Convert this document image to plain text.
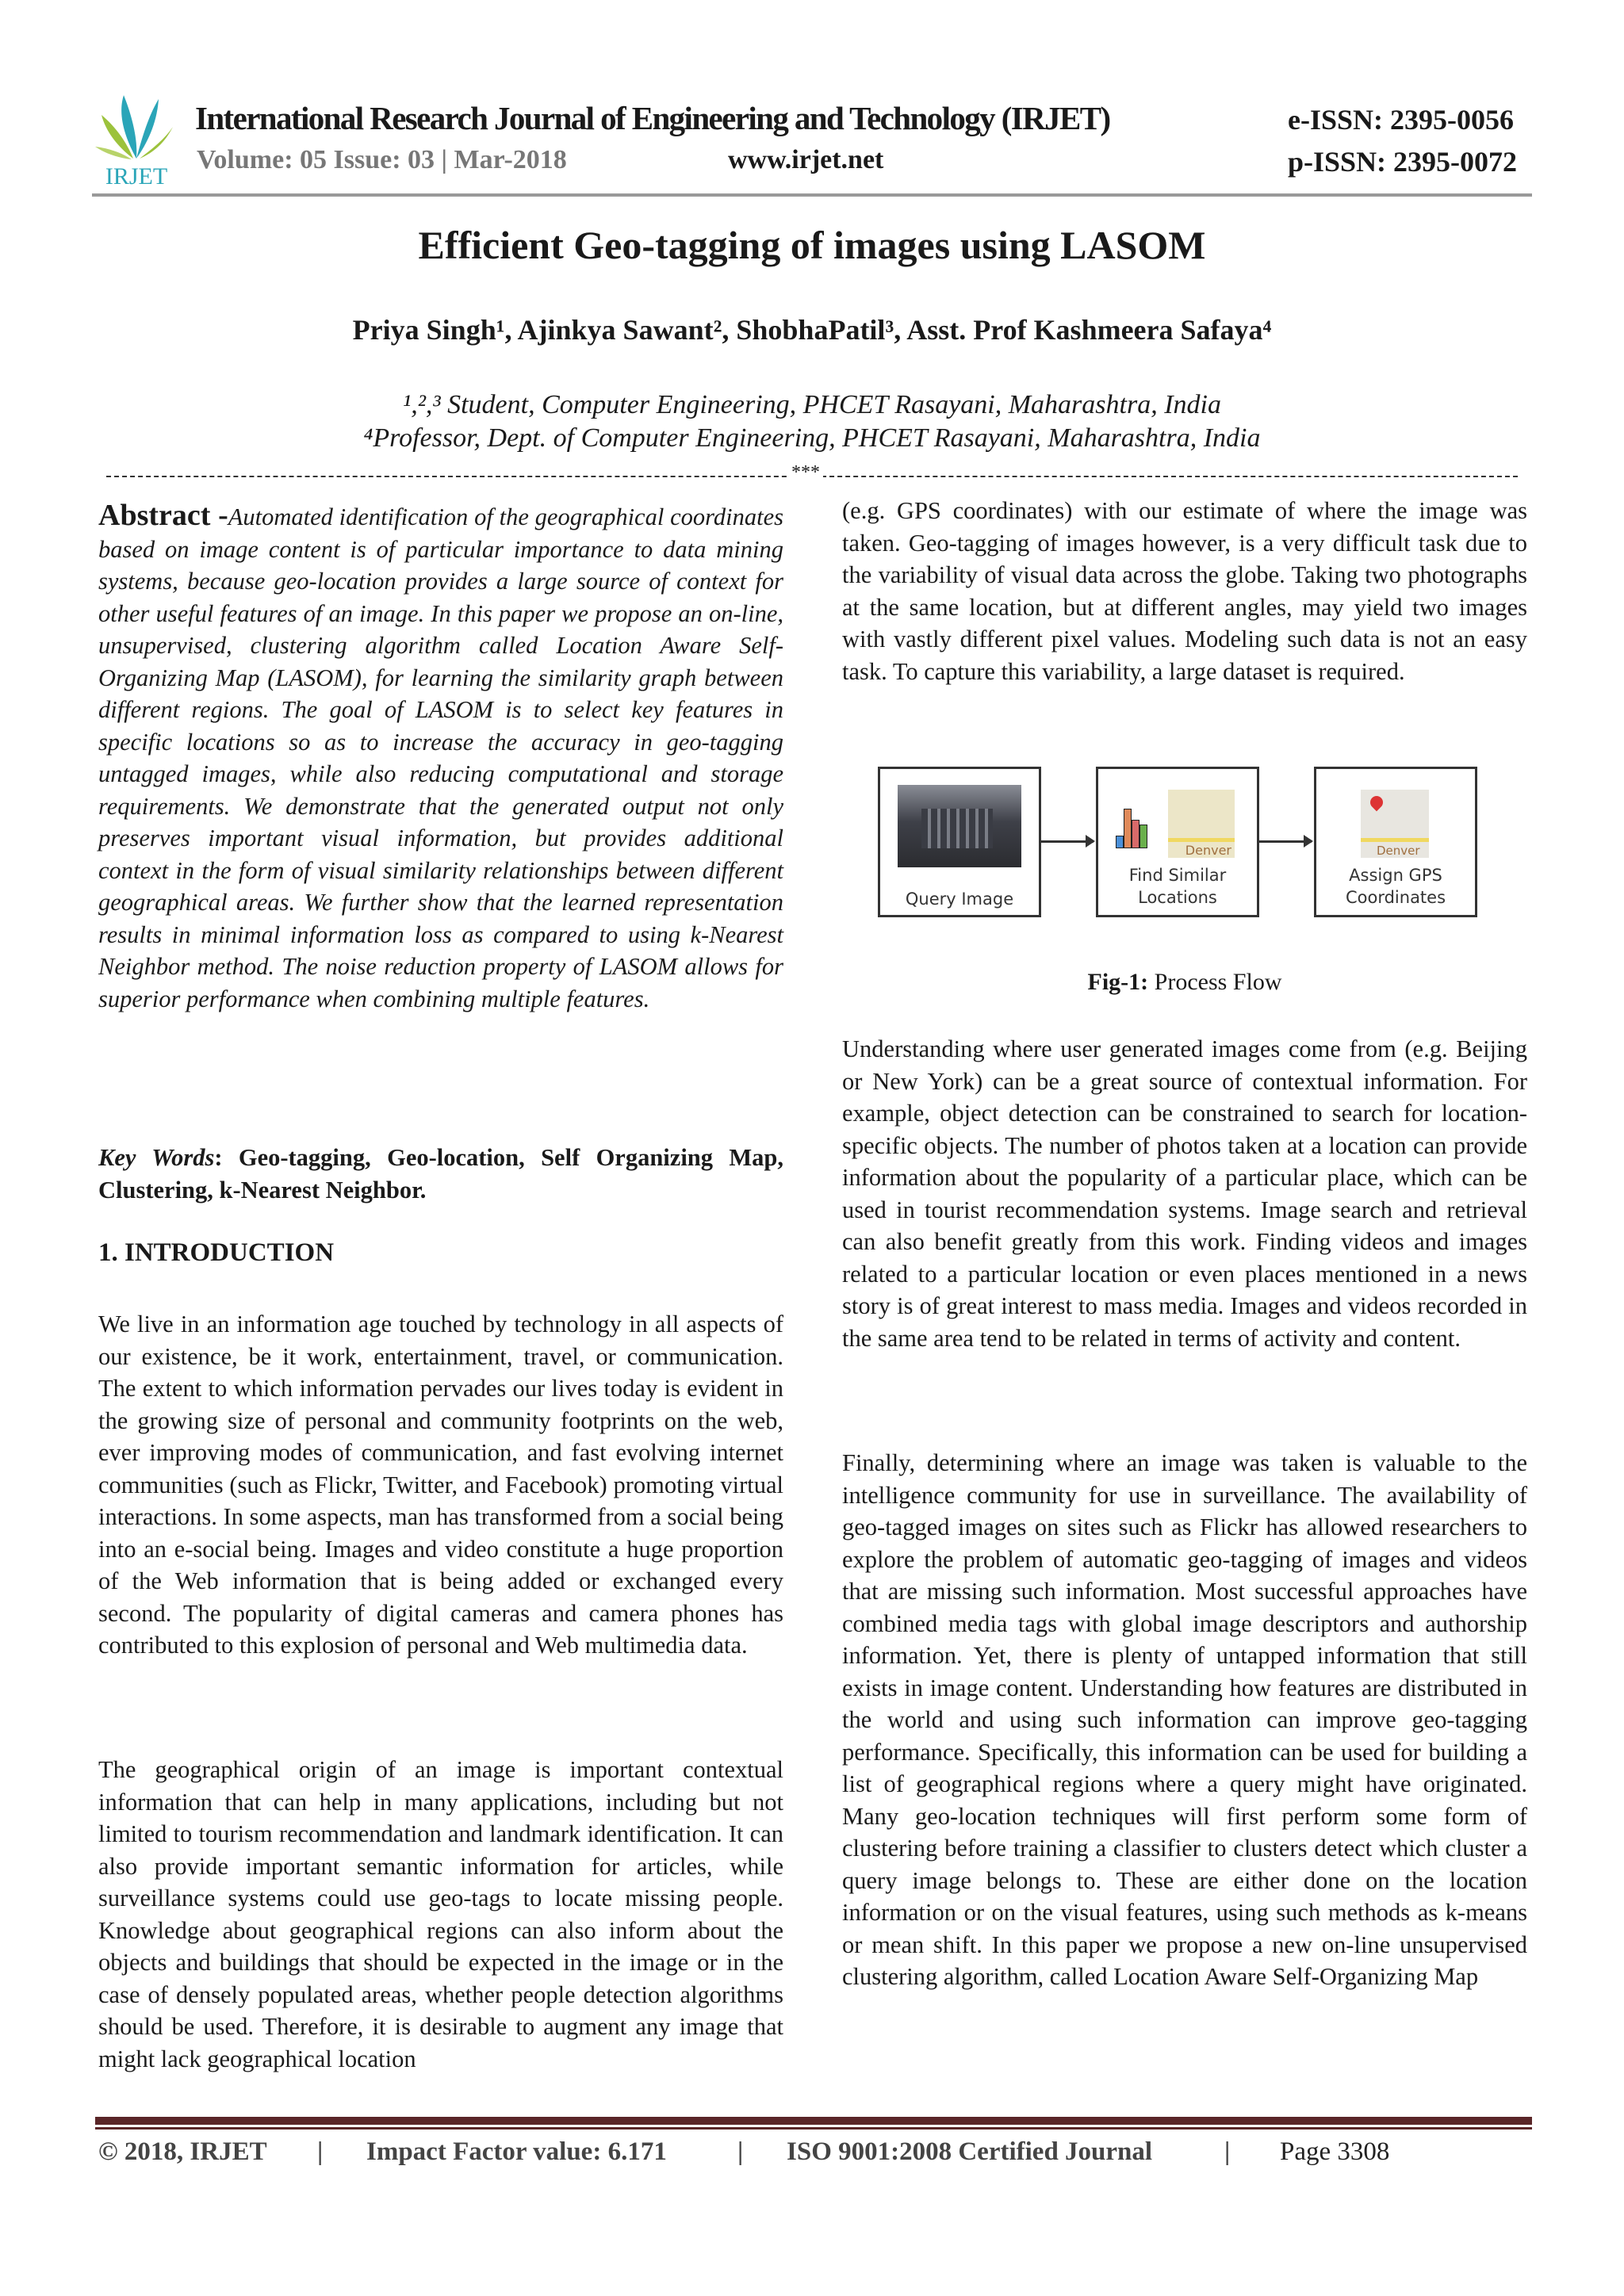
IRJET
International Research Journal of Engineering and Technology (IRJET)	e-ISSN: 2395-0056
Volume: 05 Issue: 03 | Mar-2018	www.irjet.net	p-ISSN: 2395-0072
Efficient Geo-tagging of images using LASOM
Priya Singh¹, Ajinkya Sawant², ShobhaPatil³, Asst. Prof Kashmeera Safaya⁴
¹,²,³ Student, Computer Engineering, PHCET Rasayani, Maharashtra, India
⁴Professor, Dept. of Computer Engineering, PHCET Rasayani, Maharashtra, India
***
Abstract -Automated identification of the geographical coordinates based on image content is of particular importance to data mining systems, because geo-location provides a large source of context for other useful features of an image. In this paper we propose an on-line, unsupervised, clustering algorithm called Location Aware Self-Organizing Map (LASOM), for learning the similarity graph between different regions. The goal of LASOM is to select key features in specific locations so as to increase the accuracy in geo-tagging untagged images, while also reducing computational and storage requirements. We demonstrate that the generated output not only preserves important visual information, but provides additional context in the form of visual similarity relationships between different geographical areas. We further show that the learned representation results in minimal information loss as compared to using k-Nearest Neighbor method. The noise reduction property of LASOM allows for superior performance when combining multiple features.
Key Words: Geo-tagging, Geo-location, Self Organizing Map, Clustering, k-Nearest Neighbor.
1. INTRODUCTION

We live in an information age touched by technology in all aspects of our existence, be it work, entertainment, travel, or communication. The extent to which information pervades our lives today is evident in the growing size of personal and community footprints on the web, ever improving modes of communication, and fast evolving internet communities (such as Flickr, Twitter, and Facebook) promoting virtual interactions. In some aspects, man has transformed from a social being into an e-social being. Images and video constitute a huge proportion of the Web information that is being added or exchanged every second. The popularity of digital cameras and camera phones has contributed to this explosion of personal and Web multimedia data.

The geographical origin of an image is important contextual information that can help in many applications, including but not limited to tourism recommendation and landmark identification. It can also provide important semantic information for articles, while surveillance systems could use geo-tags to locate missing people. Knowledge about geographical regions can also inform about the objects and buildings that should be expected in the image or in the case of densely populated areas, whether people detection algorithms should be used. Therefore, it is desirable to augment any image that might lack geographical location

(e.g. GPS coordinates) with our estimate of where the image was taken. Geo-tagging of images however, is a very difficult task due to the variability of visual data across the globe. Taking two photographs at the same location, but at different angles, may yield two images with vastly different pixel values. Modeling such data is not an easy task. To capture this variability, a large dataset is required.

Query Image
Denver
Find Similar Locations
Denver
Assign GPS Coordinates
Fig-1: Process Flow

Understanding where user generated images come from (e.g. Beijing or New York) can be a great source of contextual information. For example, object detection can be constrained to search for location-specific objects. The number of photos taken at a location can provide information about the popularity of a particular place, which can be used in tourist recommendation systems. Image search and retrieval can also benefit greatly from this work. Finding videos and images related to a particular location or even places mentioned in a news story is of great interest to mass media. Images and videos recorded in the same area tend to be related in terms of activity and content.

Finally, determining where an image was taken is valuable to the intelligence community for use in surveillance. The availability of geo-tagged images on sites such as Flickr has allowed researchers to explore the problem of automatic geo-tagging of images and videos that are missing such information. Most successful approaches have combined media tags with global image descriptors and authorship information. Yet, there is plenty of untapped information that still exists in image content. Understanding how features are distributed in the world and using such information can improve geo-tagging performance. Specifically, this information can be used for building a list of geographical regions where a query might have originated. Many geo-location techniques will first perform some form of clustering before training a classifier to clusters detect which cluster a query image belongs to. These are either done on the location information or on the visual features, using such methods as k-means or mean shift. In this paper we propose a new on-line unsupervised clustering algorithm, called Location Aware Self-Organizing Map

© 2018, IRJET | Impact Factor value: 6.171	| ISO 9001:2008 Certified Journal	| Page 3308
